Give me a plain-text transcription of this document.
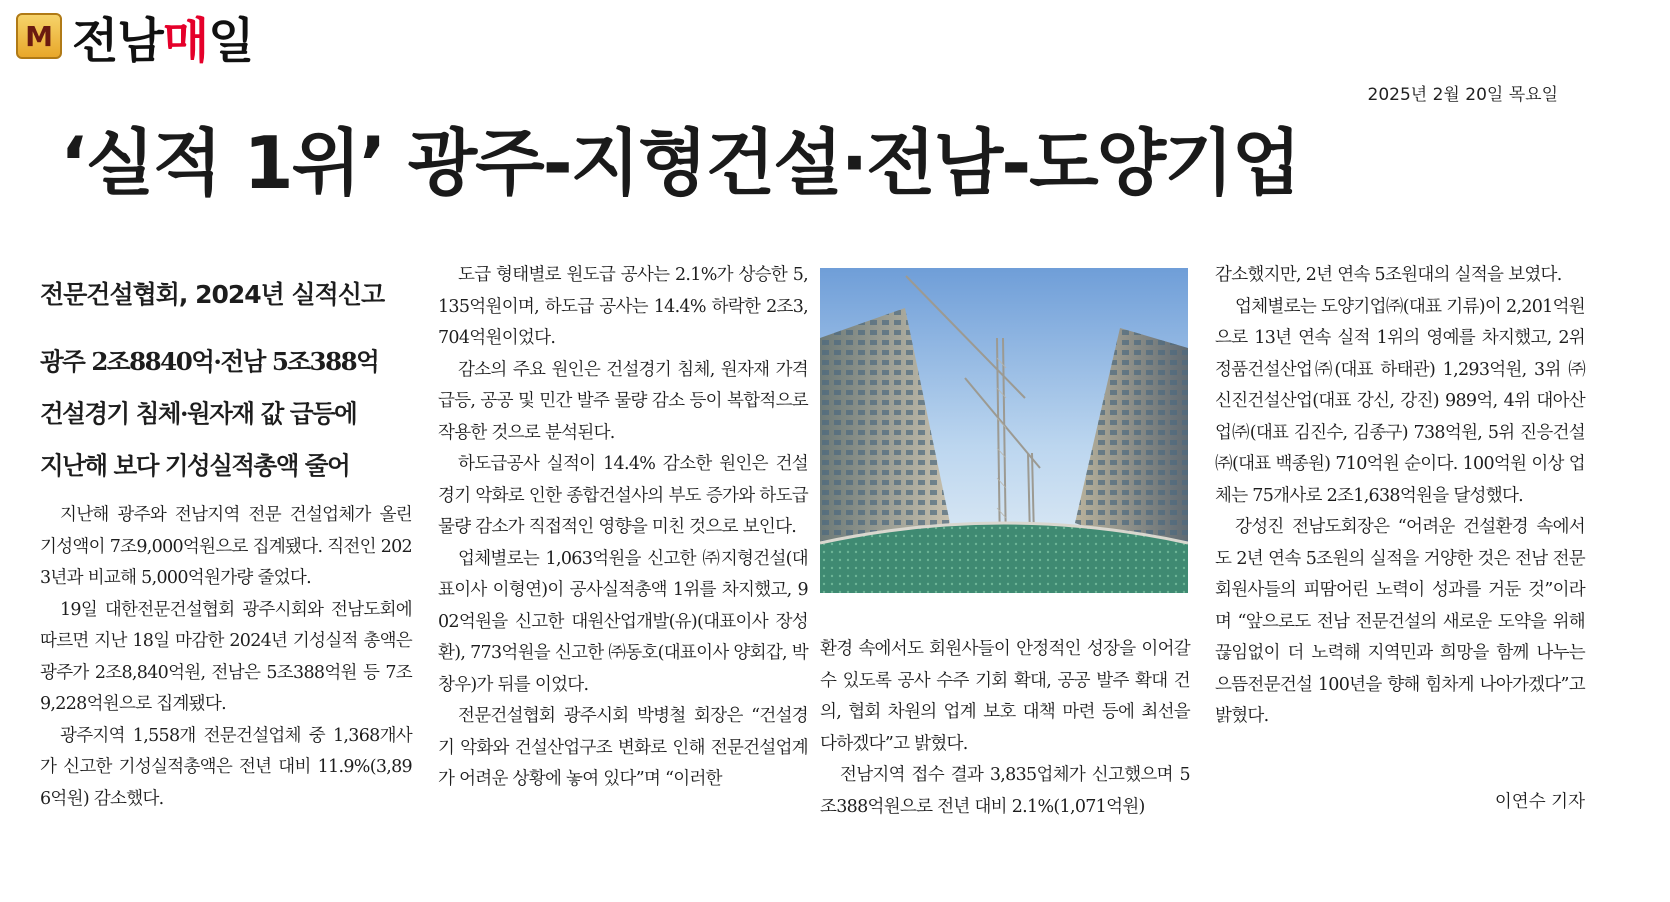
M 전남매일
2025년 2월 20일 목요일
‘실적 1위’ 광주-지형건설·전남-도양기업
전문건설협회, 2024년 실적신고
광주 2조8840억·전남 5조388억
건설경기 침체·원자재 값 급등에
지난해 보다 기성실적총액 줄어

지난해 광주와 전남지역 전문 건설업체가 올린 기성액이 7조9,000억원으로 집계됐다. 직전인 2023년과 비교해 5,000억원가량 줄었다.

19일 대한전문건설협회 광주시회와 전남도회에 따르면 지난 18일 마감한 2024년 기성실적 총액은 광주가 2조8,840억원, 전남은 5조388억원 등 7조9,228억원으로 집계됐다.

광주지역 1,558개 전문건설업체 중 1,368개사가 신고한 기성실적총액은 전년 대비 11.9%(3,896억원) 감소했다.

도급 형태별로 원도급 공사는 2.1%가 상승한 5,135억원이며, 하도급 공사는 14.4% 하락한 2조3,704억원이었다.

감소의 주요 원인은 건설경기 침체, 원자재 가격 급등, 공공 및 민간 발주 물량 감소 등이 복합적으로 작용한 것으로 분석된다.

하도급공사 실적이 14.4% 감소한 원인은 건설경기 악화로 인한 종합건설사의 부도 증가와 하도급 물량 감소가 직접적인 영향을 미친 것으로 보인다.

업체별로는 1,063억원을 신고한 ㈜지형건설(대표이사 이형연)이 공사실적총액 1위를 차지했고, 902억원을 신고한 대원산업개발(유)(대표이사 장성환), 773억원을 신고한 ㈜동호(대표이사 양회갑, 박창우)가 뒤를 이었다.

전문건설협회 광주시회 박병철 회장은 “건설경기 악화와 건설산업구조 변화로 인해 전문건설업계가 어려운 상황에 놓여 있다”며 “이러한

환경 속에서도 회원사들이 안정적인 성장을 이어갈 수 있도록 공사 수주 기회 확대, 공공 발주 확대 건의, 협회 차원의 업계 보호 대책 마련 등에 최선을 다하겠다”고 밝혔다.

전남지역 접수 결과 3,835업체가 신고했으며 5조388억원으로 전년 대비 2.1%(1,071억원)

감소했지만, 2년 연속 5조원대의 실적을 보였다.

업체별로는 도양기업㈜(대표 기류)이 2,201억원으로 13년 연속 실적 1위의 영예를 차지했고, 2위 정품건설산업㈜(대표 하태관) 1,293억원, 3위 ㈜신진건설산업(대표 강신, 강진) 989억, 4위 대아산업㈜(대표 김진수, 김종구) 738억원, 5위 진응건설㈜(대표 백종원) 710억원 순이다. 100억원 이상 업체는 75개사로 2조1,638억원을 달성했다.

강성진 전남도회장은 “어려운 건설환경 속에서도 2년 연속 5조원의 실적을 거양한 것은 전남 전문 회원사들의 피땀어린 노력이 성과를 거둔 것”이라며 “앞으로도 전남 전문건설의 새로운 도약을 위해 끊임없이 더 노력해 지역민과 희망을 함께 나누는 으뜸전문건설 100년을 향해 힘차게 나아가겠다”고 밝혔다.

이연수 기자
